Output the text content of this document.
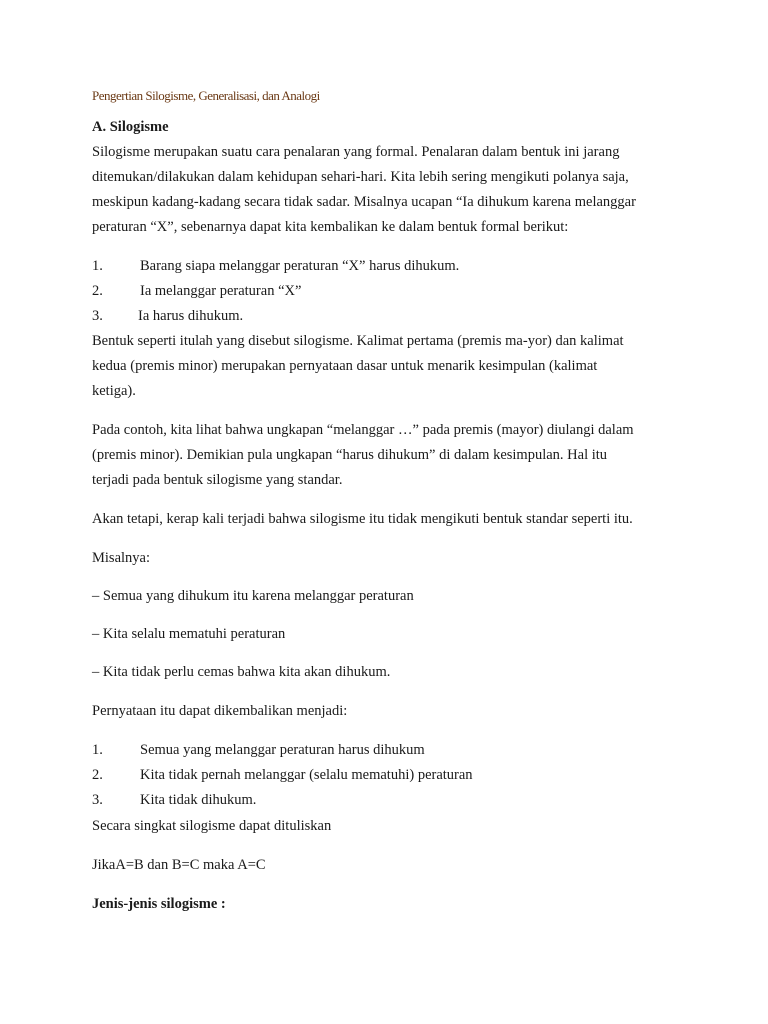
Pengertian Silogisme, Generalisasi, dan Analogi
A. Silogisme
Silogisme merupakan suatu cara penalaran yang formal. Penalaran dalam bentuk ini jarang
ditemukan/dilakukan dalam kehidupan sehari-hari. Kita lebih sering mengikuti polanya saja,
meskipun kadang-kadang secara tidak sadar. Misalnya ucapan “Ia dihukum karena melanggar
peraturan “X”, sebenarnya dapat kita kembalikan ke dalam bentuk formal berikut:
1.	Barang siapa melanggar peraturan “X” harus dihukum.
2.	Ia melanggar peraturan “X”
3. Ia harus dihukum.
Bentuk seperti itulah yang disebut silogisme. Kalimat pertama (premis ma-yor) dan kalimat
kedua (premis minor) merupakan pernyataan dasar untuk menarik kesimpulan (kalimat
ketiga).
Pada contoh, kita lihat bahwa ungkapan “melanggar …” pada premis (mayor) diulangi dalam
(premis minor). Demikian pula ungkapan “harus dihukum” di dalam kesimpulan. Hal itu
terjadi pada bentuk silogisme yang standar.
Akan tetapi, kerap kali terjadi bahwa silogisme itu tidak mengikuti bentuk standar seperti itu.
Misalnya:
– Semua yang dihukum itu karena melanggar peraturan
– Kita selalu mematuhi peraturan
– Kita tidak perlu cemas bahwa kita akan dihukum.
Pernyataan itu dapat dikembalikan menjadi:
1.	Semua yang melanggar peraturan harus dihukum
2.	Kita tidak pernah melanggar (selalu mematuhi) peraturan
3.	Kita tidak dihukum.
Secara singkat silogisme dapat dituliskan
JikaA=B dan B=C maka A=C
Jenis-jenis silogisme :
